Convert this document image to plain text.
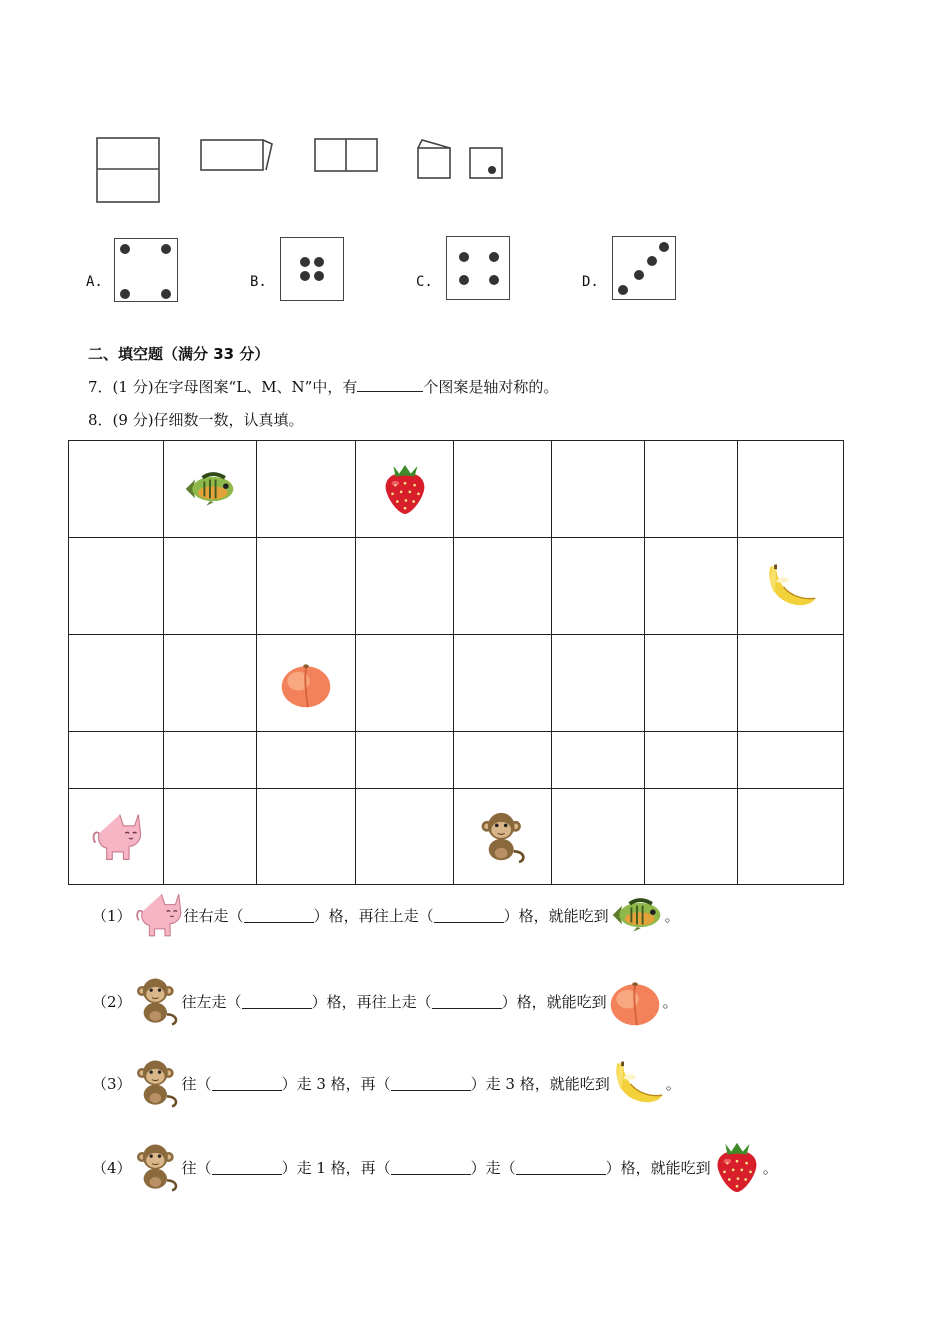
A.	B.	C.	D.
二、填空题（满分 33 分）
7．(1 分)在字母图案“L、M、N”中，有	个图案是轴对称的。
8．(9 分)仔细数一数，认真填。

（1）	往右走（	）格，再往上走（	）格，就能吃到	。
（2）	往左走（	）格，再往上走（	）格，就能吃到	。
（3）	往（	）走 3 格，再（	）走 3 格，就能吃到	。
（4）	往（	）走 1 格，再（	）走（	）格，就能吃到	。
